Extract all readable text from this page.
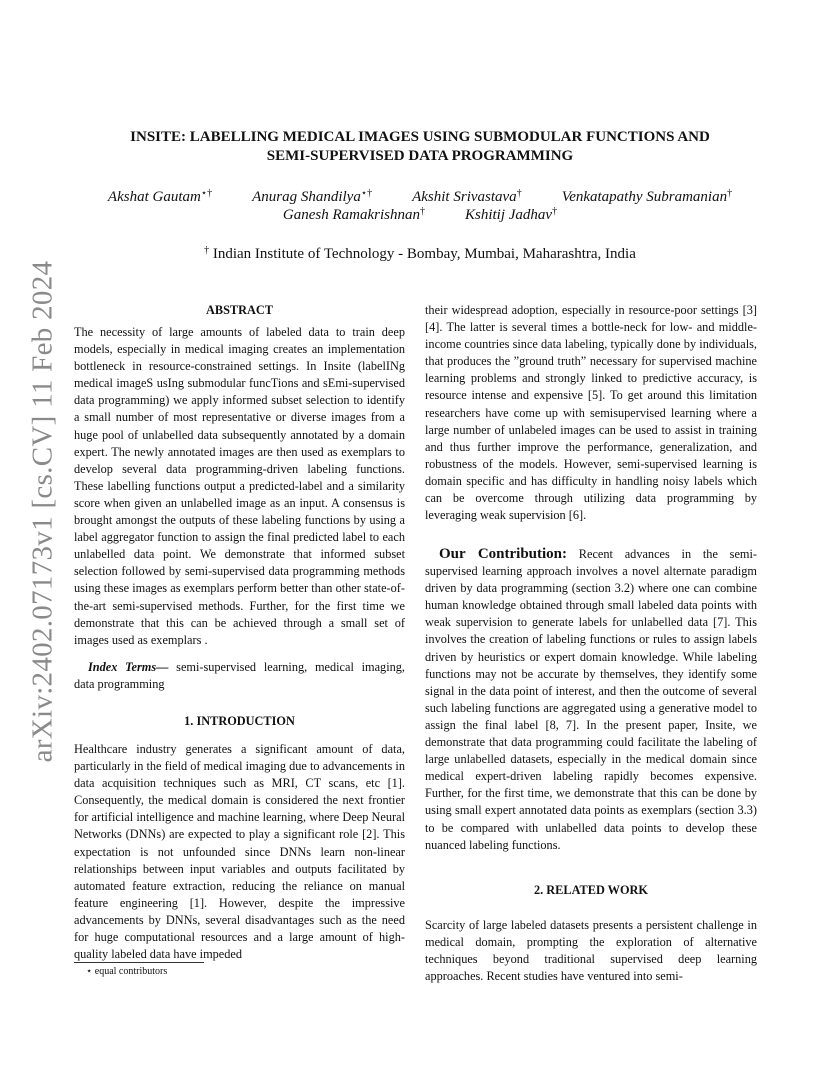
arXiv:2402.07173v1 [cs.CV] 11 Feb 2024
INSITE: LABELLING MEDICAL IMAGES USING SUBMODULAR FUNCTIONS AND
SEMI-SUPERVISED DATA PROGRAMMING
Akshat Gautam⋆†	Anurag Shandilya⋆†	Akshit Srivastava†	Venkatapathy Subramanian†
Ganesh Ramakrishnan†	Kshitij Jadhav†
† Indian Institute of Technology - Bombay, Mumbai, Maharashtra, India
ABSTRACT

The necessity of large amounts of labeled data to train deep models, especially in medical imaging creates an implementation bottleneck in resource-constrained settings. In Insite (labelINg medical imageS usIng submodular funcTions and sEmi-supervised data programming) we apply informed subset selection to identify a small number of most representative or diverse images from a huge pool of unlabelled data subsequently annotated by a domain expert. The newly annotated images are then used as exemplars to develop several data programming-driven labeling functions. These labelling functions output a predicted-label and a similarity score when given an unlabelled image as an input. A consensus is brought amongst the outputs of these labeling functions by using a label aggregator function to assign the final predicted label to each unlabelled data point. We demonstrate that informed subset selection followed by semi-supervised data programming methods using these images as exemplars perform better than other state-of-the-art semi-supervised methods. Further, for the first time we demonstrate that this can be achieved through a small set of images used as exemplars .

Index Terms— semi-supervised learning, medical imaging, data programming

1. INTRODUCTION

Healthcare industry generates a significant amount of data, particularly in the field of medical imaging due to advancements in data acquisition techniques such as MRI, CT scans, etc [1]. Consequently, the medical domain is considered the next frontier for artificial intelligence and machine learning, where Deep Neural Networks (DNNs) are expected to play a significant role [2]. This expectation is not unfounded since DNNs learn non-linear relationships between input variables and outputs facilitated by automated feature extraction, reducing the reliance on manual feature engineering [1]. However, despite the impressive advancements by DNNs, several disadvantages such as the need for huge computational resources and a large amount of high-quality labeled data have impeded

⋆ equal contributors

their widespread adoption, especially in resource-poor settings [3] [4]. The latter is several times a bottle-neck for low- and middle-income countries since data labeling, typically done by individuals, that produces the ”ground truth” necessary for supervised machine learning problems and strongly linked to predictive accuracy, is resource intense and expensive [5]. To get around this limitation researchers have come up with semisupervised learning where a large number of unlabeled images can be used to assist in training and thus further improve the performance, generalization, and robustness of the models. However, semi-supervised learning is domain specific and has difficulty in handling noisy labels which can be overcome through utilizing data programming by leveraging weak supervision [6].

Our Contribution: Recent advances in the semi-supervised learning approach involves a novel alternate paradigm driven by data programming (section 3.2) where one can combine human knowledge obtained through small labeled data points with weak supervision to generate labels for unlabelled data [7]. This involves the creation of labeling functions or rules to assign labels driven by heuristics or expert domain knowledge. While labeling functions may not be accurate by themselves, they identify some signal in the data point of interest, and then the outcome of several such labeling functions are aggregated using a generative model to assign the final label [8, 7]. In the present paper, Insite, we demonstrate that data programming could facilitate the labeling of large unlabelled datasets, especially in the medical domain since medical expert-driven labeling rapidly becomes expensive. Further, for the first time, we demonstrate that this can be done by using small expert annotated data points as exemplars (section 3.3) to be compared with unlabelled data points to develop these nuanced labeling functions.

2. RELATED WORK

Scarcity of large labeled datasets presents a persistent challenge in medical domain, prompting the exploration of alternative techniques beyond traditional supervised deep learning approaches. Recent studies have ventured into semi-
